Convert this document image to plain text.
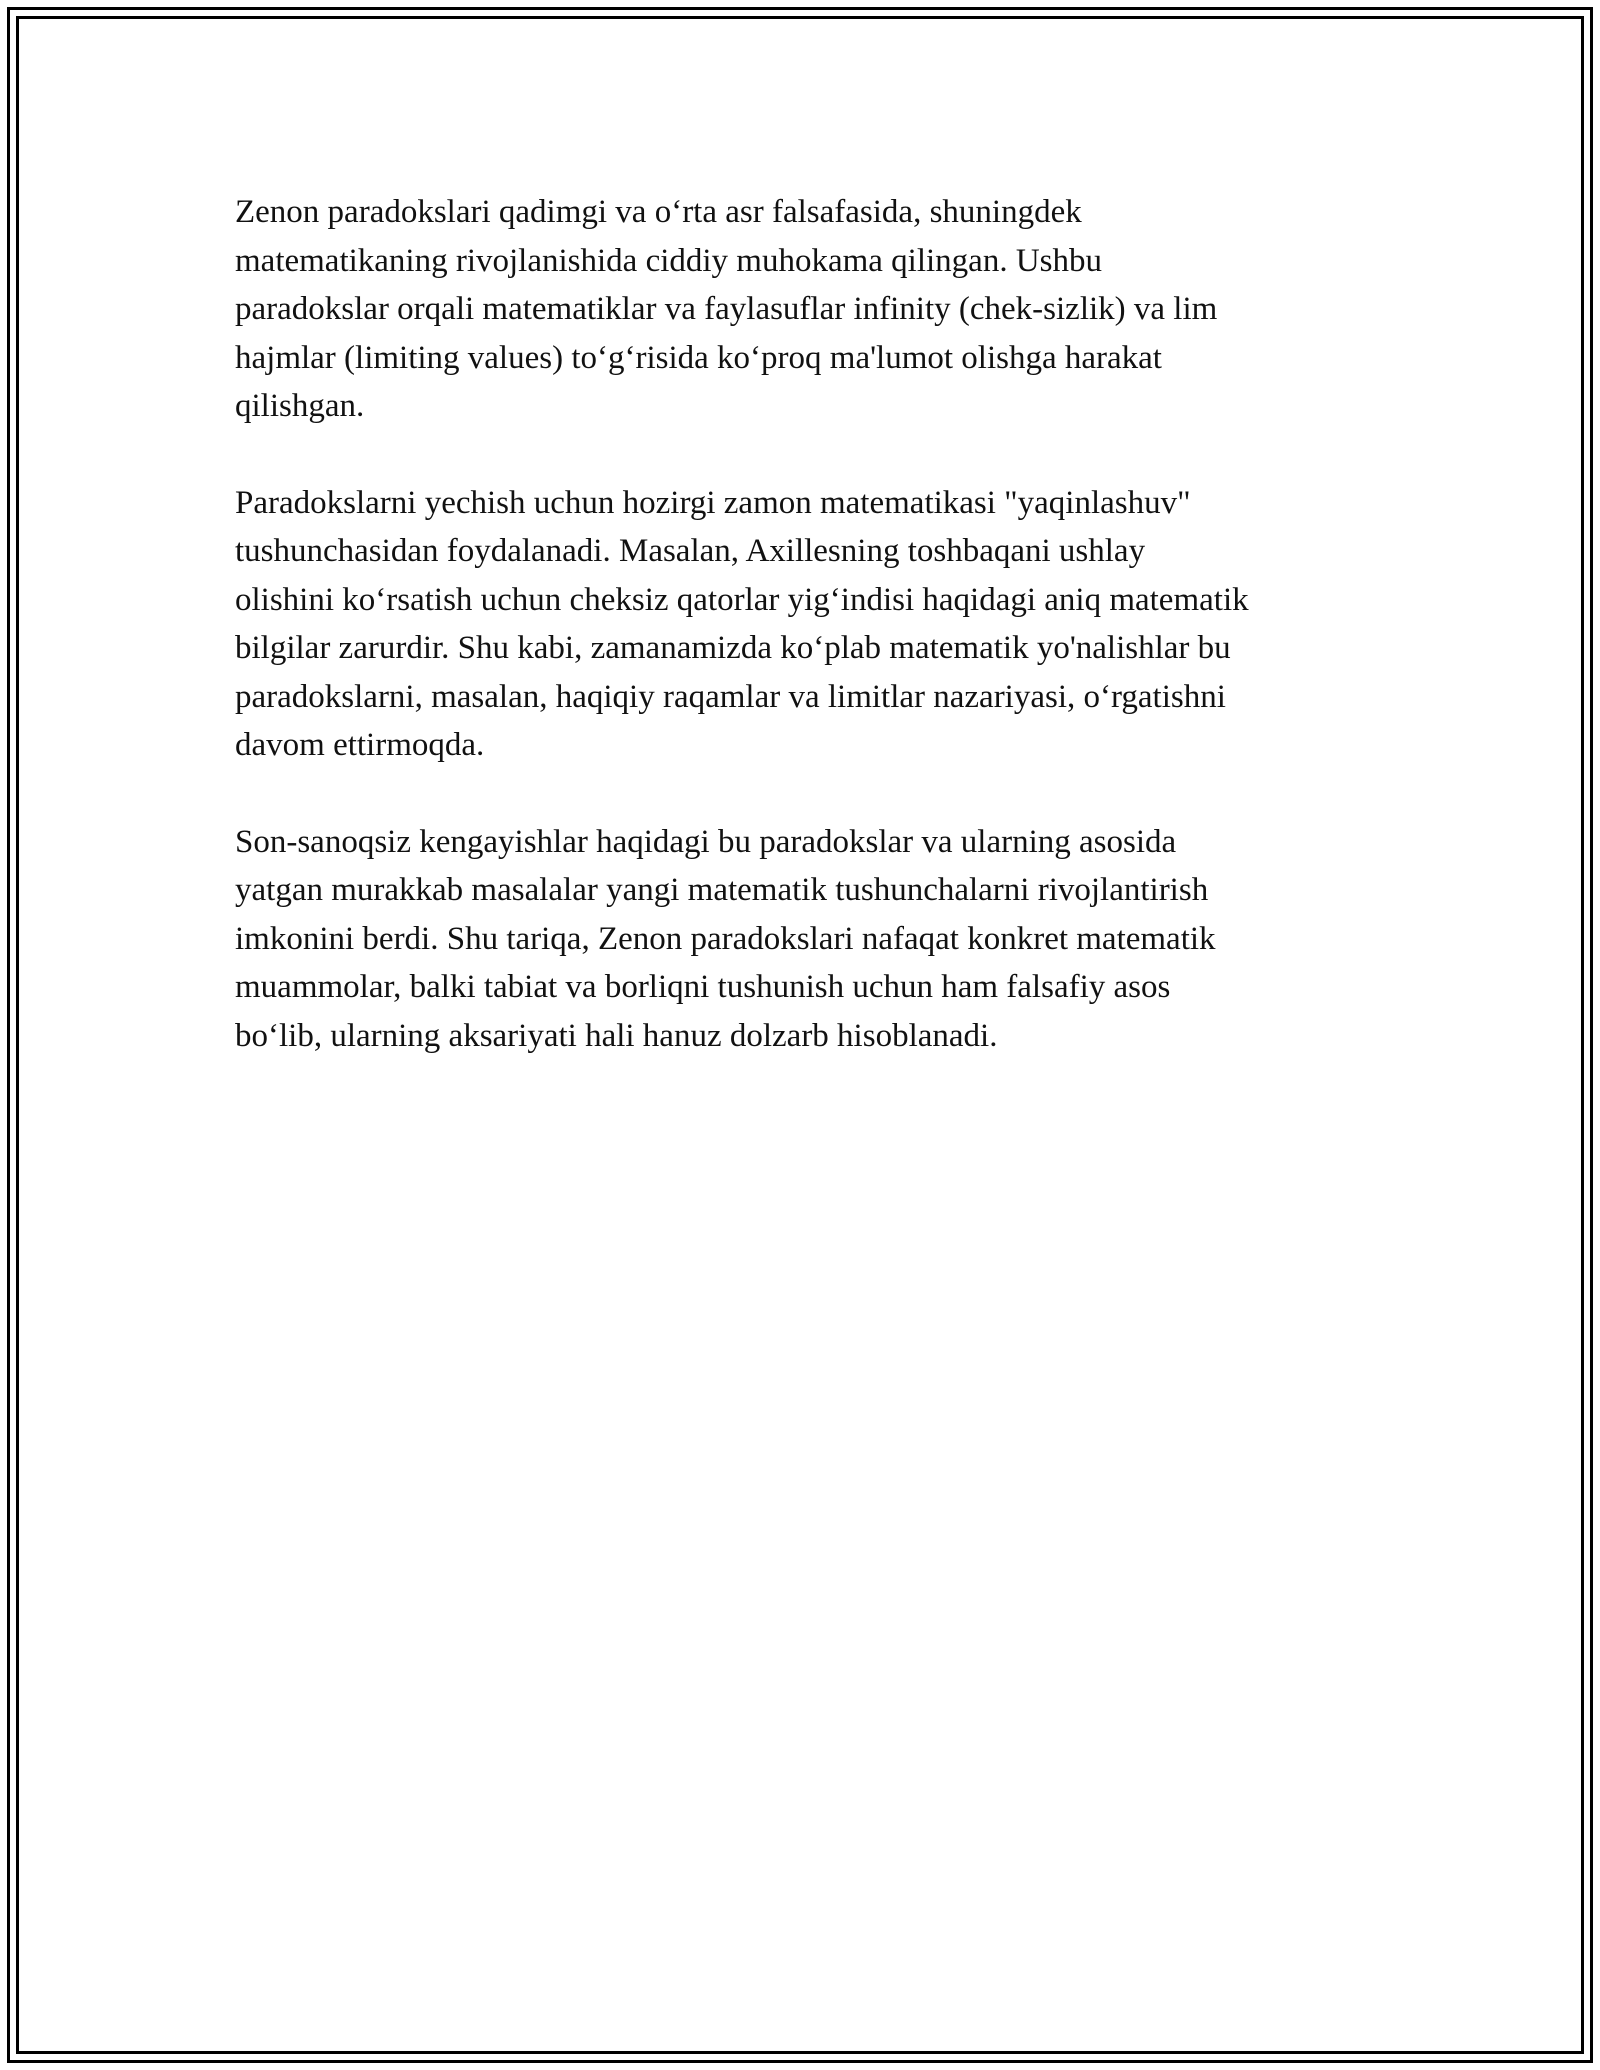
Zenon paradokslari qadimgi va o‘rta asr falsafasida, shuningdek
matematikaning rivojlanishida ciddiy muhokama qilingan. Ushbu
paradokslar orqali matematiklar va faylasuflar infinity (chek-sizlik) va lim
hajmlar (limiting values) to‘g‘risida ko‘proq ma'lumot olishga harakat
qilishgan.

Paradokslarni yechish uchun hozirgi zamon matematikasi "yaqinlashuv"
tushunchasidan foydalanadi. Masalan, Axillesning toshbaqani ushlay
olishini ko‘rsatish uchun cheksiz qatorlar yig‘indisi haqidagi aniq matematik
bilgilar zarurdir. Shu kabi, zamanamizda ko‘plab matematik yo'nalishlar bu
paradokslarni, masalan, haqiqiy raqamlar va limitlar nazariyasi, o‘rgatishni
davom ettirmoqda.

Son-sanoqsiz kengayishlar haqidagi bu paradokslar va ularning asosida
yatgan murakkab masalalar yangi matematik tushunchalarni rivojlantirish
imkonini berdi. Shu tariqa, Zenon paradokslari nafaqat konkret matematik
muammolar, balki tabiat va borliqni tushunish uchun ham falsafiy asos
bo‘lib, ularning aksariyati hali hanuz dolzarb hisoblanadi.
